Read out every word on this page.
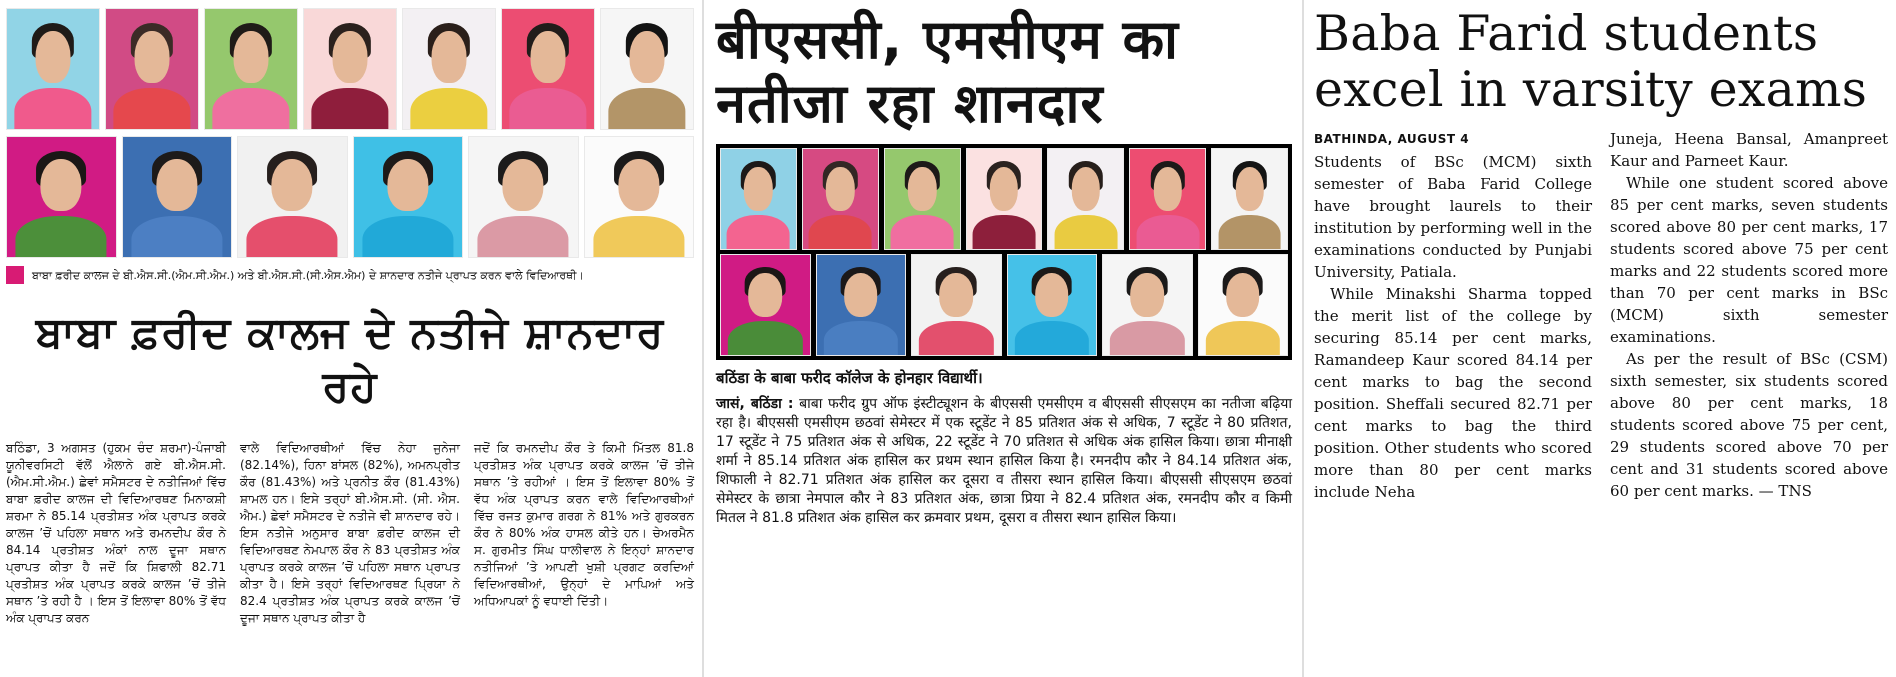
ਬਾਬਾ ਫ਼ਰੀਦ ਕਾਲਜ ਦੇ ਬੀ.ਐਸ.ਸੀ.(ਐਮ.ਸੀ.ਐਮ.) ਅਤੇ ਬੀ.ਐਸ.ਸੀ.(ਸੀ.ਐਸ.ਐਮ) ਦੇ ਸ਼ਾਨਦਾਰ ਨਤੀਜੇ ਪ੍ਰਾਪਤ ਕਰਨ ਵਾਲੇ ਵਿਦਿਆਰਥੀ।
ਬਾਬਾ ਫ਼ਰੀਦ ਕਾਲਜ ਦੇ ਨਤੀਜੇ ਸ਼ਾਨਦਾਰ ਰਹੇ
ਬਠਿੰਡਾ, 3 ਅਗਸਤ (ਹੁਕਮ ਚੰਦ ਸ਼ਰਮਾ)-ਪੰਜਾਬੀ ਯੂਨੀਵਰਸਿਟੀ ਵੱਲੋਂ ਐਲਾਨੇ ਗਏ ਬੀ.ਐਸ.ਸੀ. (ਐਮ.ਸੀ.ਐਮ.) ਛੇਵਾਂ ਸਮੈਸਟਰ ਦੇ ਨਤੀਜਿਆਂ ਵਿੱਚ ਬਾਬਾ ਫ਼ਰੀਦ ਕਾਲਜ ਦੀ ਵਿਦਿਆਰਥਣ ਮਿਨਾਕਸ਼ੀ ਸ਼ਰਮਾ ਨੇ 85.14 ਪ੍ਰਤੀਸ਼ਤ ਅੰਕ ਪ੍ਰਾਪਤ ਕਰਕੇ ਕਾਲਜ ’ਚੋਂ ਪਹਿਲਾ ਸਥਾਨ ਅਤੇ ਰਮਨਦੀਪ ਕੌਰ ਨੇ 84.14 ਪ੍ਰਤੀਸ਼ਤ ਅੰਕਾਂ ਨਾਲ ਦੂਜਾ ਸਥਾਨ ਪ੍ਰਾਪਤ ਕੀਤਾ ਹੈ ਜਦੋਂ ਕਿ ਸ਼ਿਫਾਲੀ 82.71 ਪ੍ਰਤੀਸ਼ਤ ਅੰਕ ਪ੍ਰਾਪਤ ਕਰਕੇ ਕਾਲਜ ’ਚੋਂ ਤੀਜੇ ਸਥਾਨ ’ਤੇ ਰਹੀ ਹੈ । ਇਸ ਤੋਂ ਇਲਾਵਾ 80% ਤੋਂ ਵੱਧ ਅੰਕ ਪ੍ਰਾਪਤ ਕਰਨ
ਵਾਲੇ ਵਿਦਿਆਰਥੀਆਂ ਵਿੱਚ ਨੇਹਾ ਜੁਨੇਜਾ (82.14%), ਹਿਨਾ ਬਾਂਸਲ (82%), ਅਮਨਪ੍ਰੀਤ ਕੌਰ (81.43%) ਅਤੇ ਪ੍ਰਨੀਤ ਕੌਰ (81.43%) ਸ਼ਾਮਲ ਹਨ। ਇਸੇ ਤਰ੍ਹਾਂ ਬੀ.ਐਸ.ਸੀ. (ਸੀ. ਐਸ. ਐਮ.) ਛੇਵਾਂ ਸਮੈਸਟਰ ਦੇ ਨਤੀਜੇ ਵੀ ਸ਼ਾਨਦਾਰ ਰਹੇ। ਇਸ ਨਤੀਜੇ ਅਨੁਸਾਰ ਬਾਬਾ ਫ਼ਰੀਦ ਕਾਲਜ ਦੀ ਵਿਦਿਆਰਥਣ ਨੇਮਪਾਲ ਕੌਰ ਨੇ 83 ਪ੍ਰਤੀਸ਼ਤ ਅੰਕ ਪ੍ਰਾਪਤ ਕਰਕੇ ਕਾਲਜ ’ਚੋਂ ਪਹਿਲਾ ਸਥਾਨ ਪ੍ਰਾਪਤ ਕੀਤਾ ਹੈ। ਇਸੇ ਤਰ੍ਹਾਂ ਵਿਦਿਆਰਥਣ ਪ੍ਰਿਯਾ ਨੇ 82.4 ਪ੍ਰਤੀਸ਼ਤ ਅੰਕ ਪ੍ਰਾਪਤ ਕਰਕੇ ਕਾਲਜ ’ਚੋਂ ਦੂਜਾ ਸਥਾਨ ਪ੍ਰਾਪਤ ਕੀਤਾ ਹੈ
ਜਦੋਂ ਕਿ ਰਮਨਦੀਪ ਕੌਰ ਤੇ ਕਿਮੀ ਮਿੱਤਲ 81.8 ਪ੍ਰਤੀਸ਼ਤ ਅੰਕ ਪ੍ਰਾਪਤ ਕਰਕੇ ਕਾਲਜ ’ਚੋਂ ਤੀਜੇ ਸਥਾਨ ’ਤੇ ਰਹੀਆਂ । ਇਸ ਤੋਂ ਇਲਾਵਾ 80% ਤੋਂ ਵੱਧ ਅੰਕ ਪ੍ਰਾਪਤ ਕਰਨ ਵਾਲੇ ਵਿਦਿਆਰਥੀਆਂ ਵਿੱਚ ਰਜਤ ਕੁਮਾਰ ਗਰਗ ਨੇ 81% ਅਤੇ ਗੁਰਕਰਨ ਕੌਰ ਨੇ 80% ਅੰਕ ਹਾਸਲ ਕੀਤੇ ਹਨ। ਚੇਅਰਮੈਨ ਸ. ਗੁਰਮੀਤ ਸਿੰਘ ਧਾਲੀਵਾਲ ਨੇ ਇਨ੍ਹਾਂ ਸ਼ਾਨਦਾਰ ਨਤੀਜਿਆਂ ’ਤੇ ਆਪਣੀ ਖੁਸ਼ੀ ਪ੍ਰਗਟ ਕਰਦਿਆਂ ਵਿਦਿਆਰਥੀਆਂ, ਉਨ੍ਹਾਂ ਦੇ ਮਾਪਿਆਂ ਅਤੇ ਅਧਿਆਪਕਾਂ ਨੂੰ ਵਧਾਈ ਦਿੱਤੀ।
बीएससी, एमसीएम का नतीजा रहा शानदार
बठिंडा के बाबा फरीद कॉलेज के होनहार विद्यार्थी।
जासं, बठिंडा : बाबा फरीद ग्रुप ऑफ इंस्टीट्यूशन के बीएससी एमसीएम व बीएससी सीएसएम का नतीजा बढ़िया रहा है। बीएससी एमसीएम छठवां सेमेस्टर में एक स्टूडेंट ने 85 प्रतिशत अंक से अधिक, 7 स्टूडेंट ने 80 प्रतिशत, 17 स्टूडेंट ने 75 प्रतिशत अंक से अधिक, 22 स्टूडेंट ने 70 प्रतिशत से अधिक अंक हासिल किया। छात्रा मीनाक्षी शर्मा ने 85.14 प्रतिशत अंक हासिल कर प्रथम स्थान हासिल किया है। रमनदीप कौर ने 84.14 प्रतिशत अंक, शिफाली ने 82.71 प्रतिशत अंक हासिल कर दूसरा व तीसरा स्थान हासिल किया। बीएससी सीएसएम छठवां सेमेस्टर के छात्रा नेमपाल कौर ने 83 प्रतिशत अंक, छात्रा प्रिया ने 82.4 प्रतिशत अंक, रमनदीप कौर व किमी मितल ने 81.8 प्रतिशत अंक हासिल कर क्रमवार प्रथम, दूसरा व तीसरा स्थान हासिल किया।
Baba Farid students excel in varsity exams
BATHINDA, AUGUST 4

Students of BSc (MCM) sixth semester of Baba Farid College have brought laurels to their institution by performing well in the examinations conducted by Punjabi University, Patiala.

While Minakshi Sharma topped the merit list of the college by securing 85.14 per cent marks, Ramandeep Kaur scored 84.14 per cent marks to bag the second position. Sheffali secured 82.71 per cent marks to bag the third position. Other students who scored more than 80 per cent marks include Neha

Juneja, Heena Bansal, Amanpreet Kaur and Parneet Kaur.

While one student scored above 85 per cent marks, seven students scored above 80 per cent marks, 17 students scored above 75 per cent marks and 22 students scored more than 70 per cent marks in BSc (MCM) sixth semester examinations.

As per the result of BSc (CSM) sixth semester, six students scored above 80 per cent marks, 18 students scored above 75 per cent, 29 students scored above 70 per cent and 31 students scored above 60 per cent marks. — TNS
